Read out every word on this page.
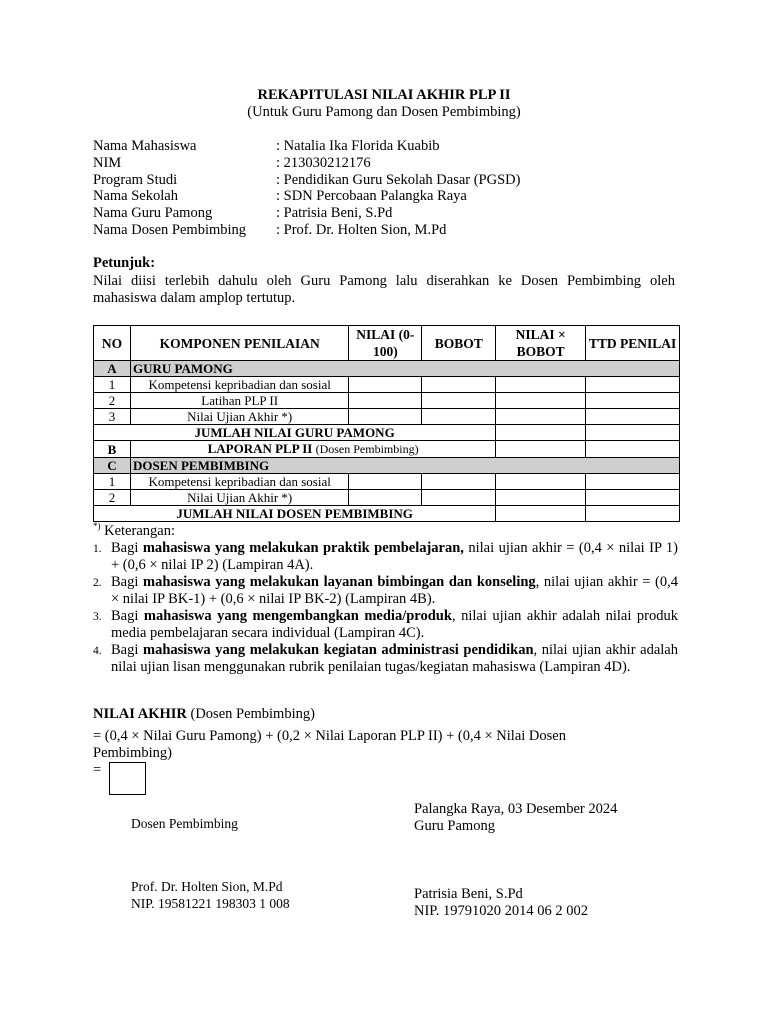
REKAPITULASI NILAI AKHIR PLP II
(Untuk Guru Pamong dan Dosen Pembimbing)
Nama Mahasiswa	: Natalia Ika Florida Kuabib
NIM	: 213030212176
Program Studi	: Pendidikan Guru Sekolah Dasar (PGSD)
Nama Sekolah	: SDN Percobaan Palangka Raya
Nama Guru Pamong	: Patrisia Beni, S.Pd
Nama Dosen Pembimbing	: Prof. Dr. Holten Sion, M.Pd
Petunjuk:
Nilai diisi terlebih dahulu oleh Guru Pamong lalu diserahkan ke Dosen Pembimbing oleh mahasiswa dalam amplop tertutup.
NO	KOMPONEN PENILAIAN	NILAI (0-100)	BOBOT	NILAI × BOBOT	TTD PENILAI
A	GURU PAMONG				
1	Kompetensi kepribadian dan sosial				
2	Latihan PLP II				
3	Nilai Ujian Akhir *)				
JUMLAH NILAI GURU PAMONG					
B	LAPORAN PLP II (Dosen Pembimbing)				
C	DOSEN PEMBIMBING				
1	Kompetensi kepribadian dan sosial				
2	Nilai Ujian Akhir *)				
JUMLAH NILAI DOSEN PEMBIMBING					
*) Keterangan:
1. Bagi mahasiswa yang melakukan praktik pembelajaran, nilai ujian akhir = (0,4 × nilai IP 1) + (0,6 × nilai IP 2) (Lampiran 4A).
2. Bagi mahasiswa yang melakukan layanan bimbingan dan konseling, nilai ujian akhir = (0,4 × nilai IP BK-1) + (0,6 × nilai IP BK-2) (Lampiran 4B).
3. Bagi mahasiswa yang mengembangkan media/produk, nilai ujian akhir adalah nilai produk media pembelajaran secara individual (Lampiran 4C).
4. Bagi mahasiswa yang melakukan kegiatan administrasi pendidikan, nilai ujian akhir adalah nilai ujian lisan menggunakan rubrik penilaian tugas/kegiatan mahasiswa (Lampiran 4D).
NILAI AKHIR (Dosen Pembimbing)
= (0,4 × Nilai Guru Pamong) + (0,2 × Nilai Laporan PLP II) + (0,4 × Nilai Dosen Pembimbing)
=
Dosen Pembimbing
Palangka Raya, 03 Desember 2024
Guru Pamong
Prof. Dr. Holten Sion, M.Pd
NIP. 19581221 198303 1 008
Patrisia Beni, S.Pd
NIP. 19791020 2014 06 2 002
